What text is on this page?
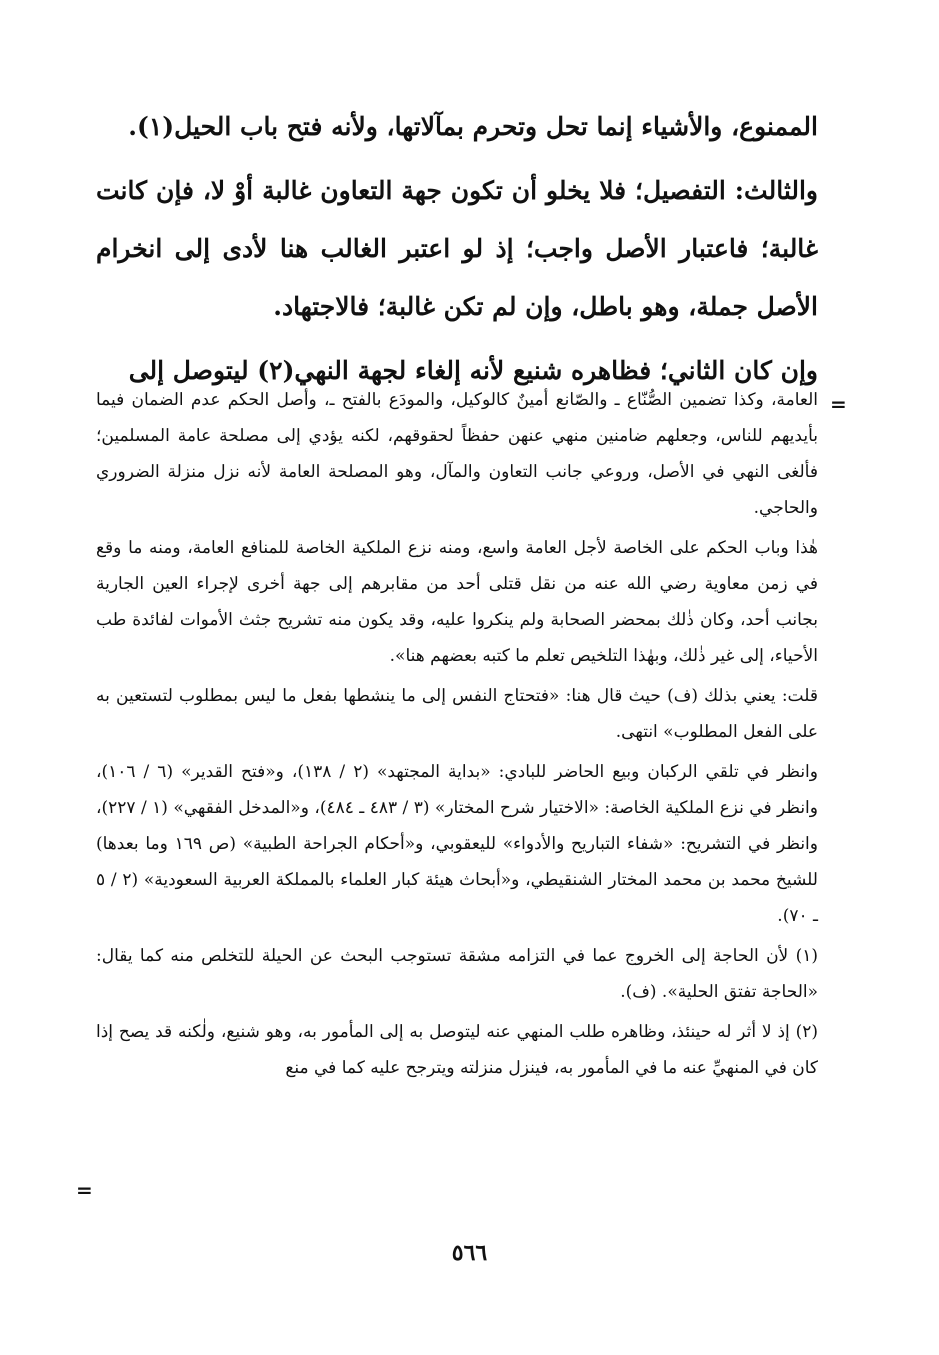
الممنوع، والأشياء إنما تحل وتحرم بمآلاتها، ولأنه فتح باب الحيل(١).

والثالث: التفصيل؛ فلا يخلو أن تكون جهة التعاون غالبة أوْ لا، فإن كانت غالبة؛ فاعتبار الأصل واجب؛ إذ لو اعتبر الغالب هنا لأدى إلى انخرام الأصل جملة، وهو باطل، وإن لم تكن غالبة؛ فالاجتهاد.

وإن كان الثاني؛ فظاهره شنيع لأنه إلغاء لجهة النهي(٢) ليتوصل إلى

=

العامة، وكذا تضمين الصُّنّاع ـ والصّانع أمينٌ كالوكيل، والمودَع بالفتح ـ، وأصل الحكم عدم الضمان فيما بأيديهم للناس، وجعلهم ضامنين منهي عنهن حفظاً لحقوقهم، لكنه يؤدي إلى مصلحة عامة المسلمين؛ فألغى النهي في الأصل، وروعي جانب التعاون والمآل، وهو المصلحة العامة لأنه نزل منزلة الضروري والحاجي.

هٰذا وباب الحكم على الخاصة لأجل العامة واسع، ومنه نزع الملكية الخاصة للمنافع العامة، ومنه ما وقع في زمن معاوية رضي الله عنه من نقل قتلى أحد من مقابرهم إلى جهة أخرى لإجراء العين الجارية بجانب أحد، وكان ذٰلك بمحضر الصحابة ولم ينكروا عليه، وقد يكون منه تشريح جثث الأموات لفائدة طب الأحياء، إلى غير ذٰلك، وبهٰذا التلخيص تعلم ما كتبه بعضهم هنا».

قلت: يعني بذلك (ف) حيث قال هنا: «فتحتاج النفس إلى ما ينشطها بفعل ما ليس بمطلوب لتستعين به على الفعل المطلوب» انتهى.

وانظر في تلقي الركبان وبيع الحاضر للبادي: «بداية المجتهد» (٢ / ١٣٨)، و«فتح القدير» (٦ / ١٠٦)، وانظر في نزع الملكية الخاصة: «الاختيار شرح المختار» (٣ / ٤٨٣ ـ ٤٨٤)، و«المدخل الفقهي» (١ / ٢٢٧)، وانظر في التشريح: «شفاء التباريح والأدواء» لليعقوبي، و«أحكام الجراحة الطبية» (ص ١٦٩ وما بعدها) للشيخ محمد بن محمد المختار الشنقيطي، و«أبحاث هيئة كبار العلماء بالمملكة العربية السعودية» (٢ / ٥ ـ ٧٠).

(١) لأن الحاجة إلى الخروج عما في التزامه مشقة تستوجب البحث عن الحيلة للتخلص منه كما يقال: «الحاجة تفتق الحلية». (ف).

(٢) إذ لا أثر له حينئذ، وظاهره طلب المنهي عنه ليتوصل به إلى المأمور به، وهو شنيع، ولٰكنه قد يصح إذا كان في المنهيِّ عنه ما في المأمور به، فينزل منزلته ويترجح عليه كما في منع

=
٥٦٦
